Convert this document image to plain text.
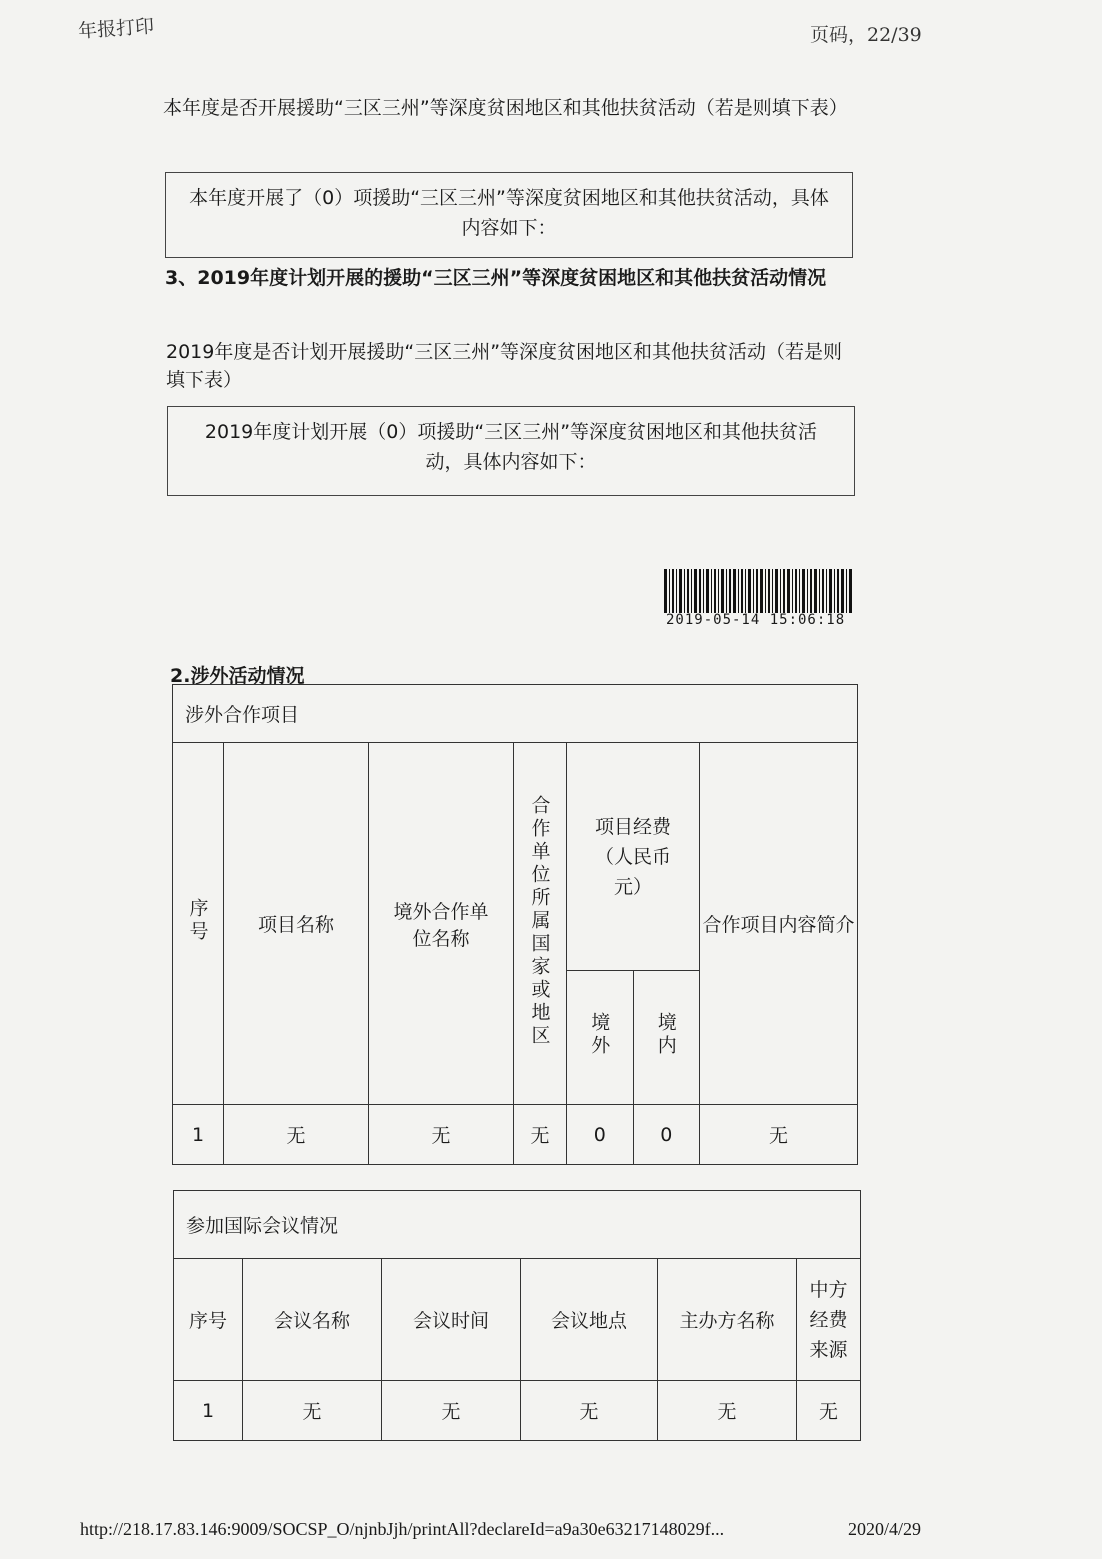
年报打印	页码，22/39
本年度是否开展援助“三区三州”等深度贫困地区和其他扶贫活动（若是则填下表）
本年度开展了（0）项援助“三区三州”等深度贫困地区和其他扶贫活动，具体内容如下：
3、2019年度计划开展的援助“三区三州”等深度贫困地区和其他扶贫活动情况
2019年度是否计划开展援助“三区三州”等深度贫困地区和其他扶贫活动（若是则填下表）
2019年度计划开展（0）项援助“三区三州”等深度贫困地区和其他扶贫活动，具体内容如下：
2019-05-14 15:06:18
2.涉外活动情况
涉外合作项目						
序号	项目名称	境外合作单位名称	合作单位所属国家或地区	项目经费（人民币元）		合作项目内容简介
				境外	境内	
1	无	无	无	0	0	无
参加国际会议情况					
序号	会议名称	会议时间	会议地点	主办方名称	中方经费来源
1	无	无	无	无	无
http://218.17.83.146:9009/SOCSP_O/njnbJjh/printAll?declareId=a9a30e63217148029f...	2020/4/29
